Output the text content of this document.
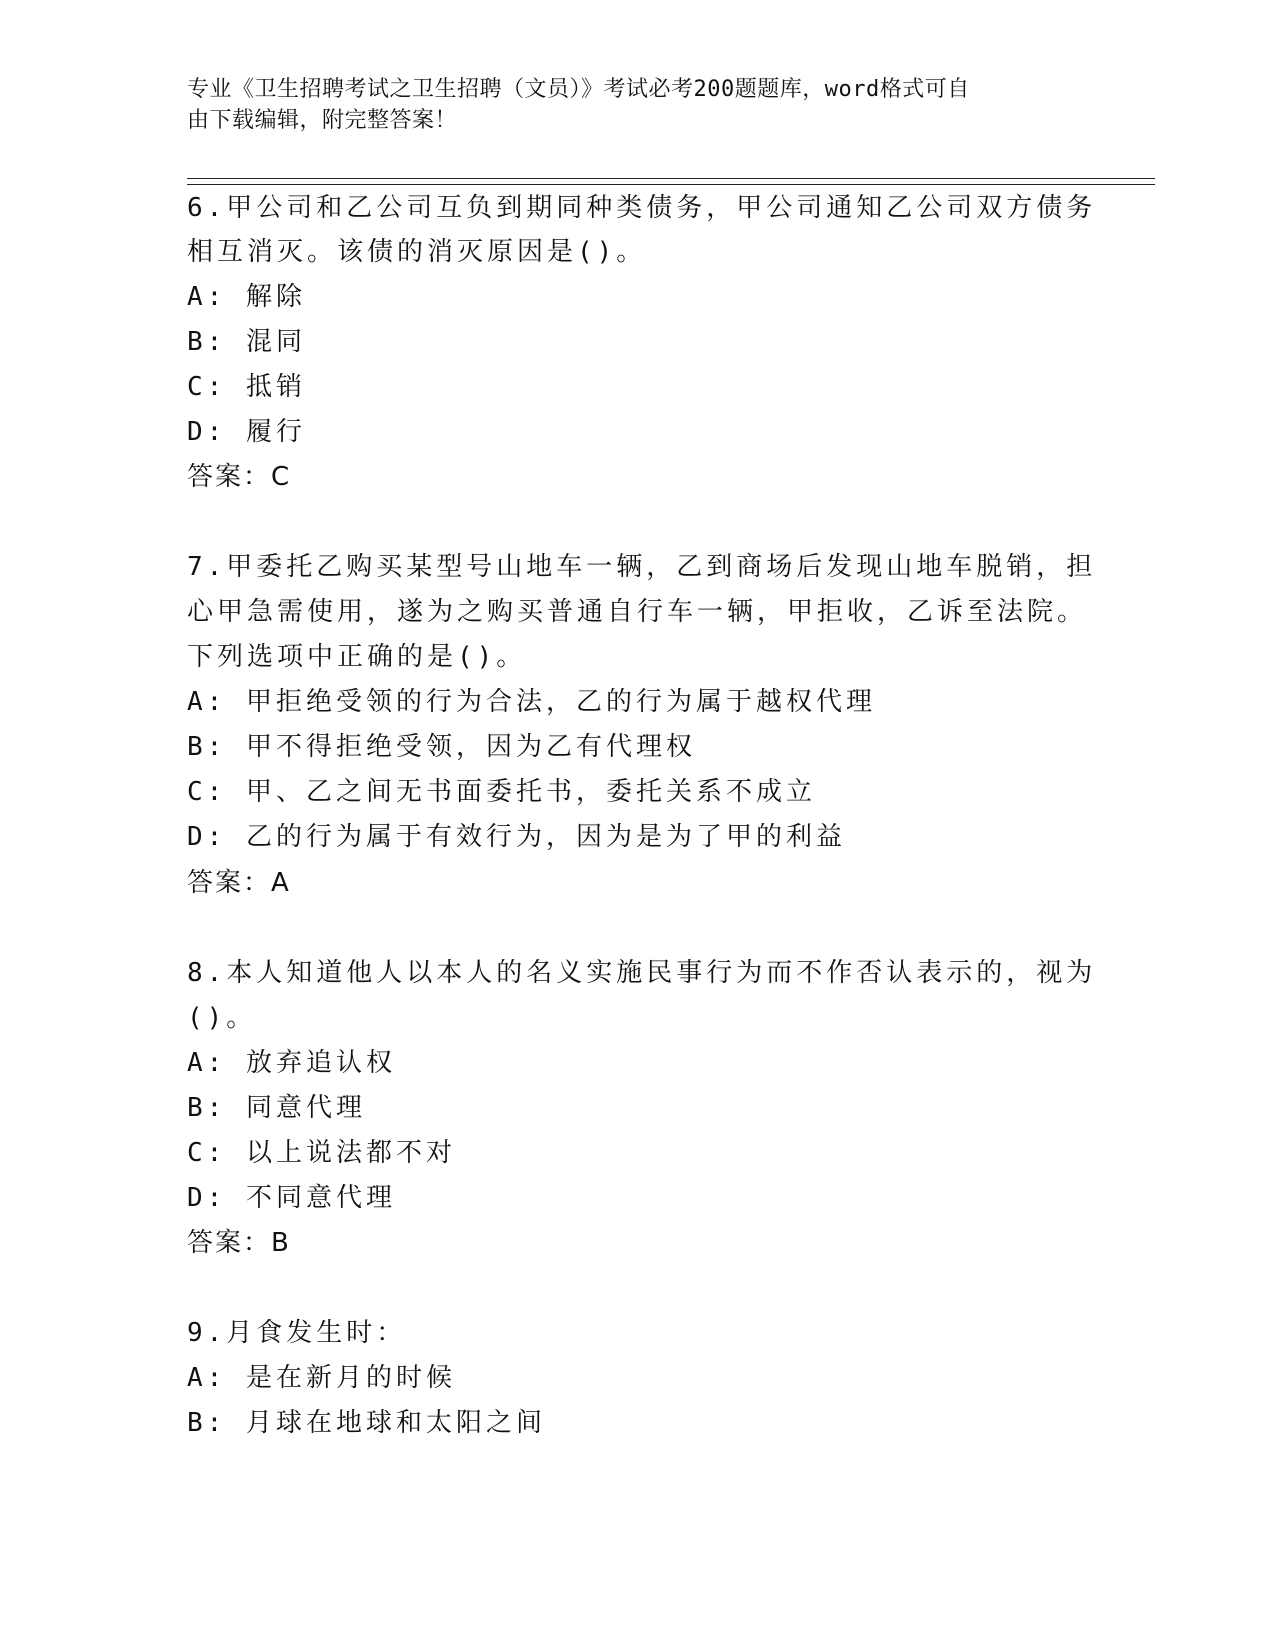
专业《卫生招聘考试之卫生招聘（文员）》考试必考200题题库，word格式可自
由下载编辑，附完整答案！
6.甲公司和乙公司互负到期同种类债务，甲公司通知乙公司双方债务
相互消灭。该债的消灭原因是()。
A: 解除
B: 混同
C: 抵销
D: 履行
答案：C
7.甲委托乙购买某型号山地车一辆，乙到商场后发现山地车脱销，担
心甲急需使用，遂为之购买普通自行车一辆，甲拒收，乙诉至法院。
下列选项中正确的是()。
A: 甲拒绝受领的行为合法，乙的行为属于越权代理
B: 甲不得拒绝受领，因为乙有代理权
C: 甲、乙之间无书面委托书，委托关系不成立
D: 乙的行为属于有效行为，因为是为了甲的利益
答案：A
8.本人知道他人以本人的名义实施民事行为而不作否认表示的，视为
()。
A: 放弃追认权
B: 同意代理
C: 以上说法都不对
D: 不同意代理
答案：B
9.月食发生时：
A: 是在新月的时候
B: 月球在地球和太阳之间
